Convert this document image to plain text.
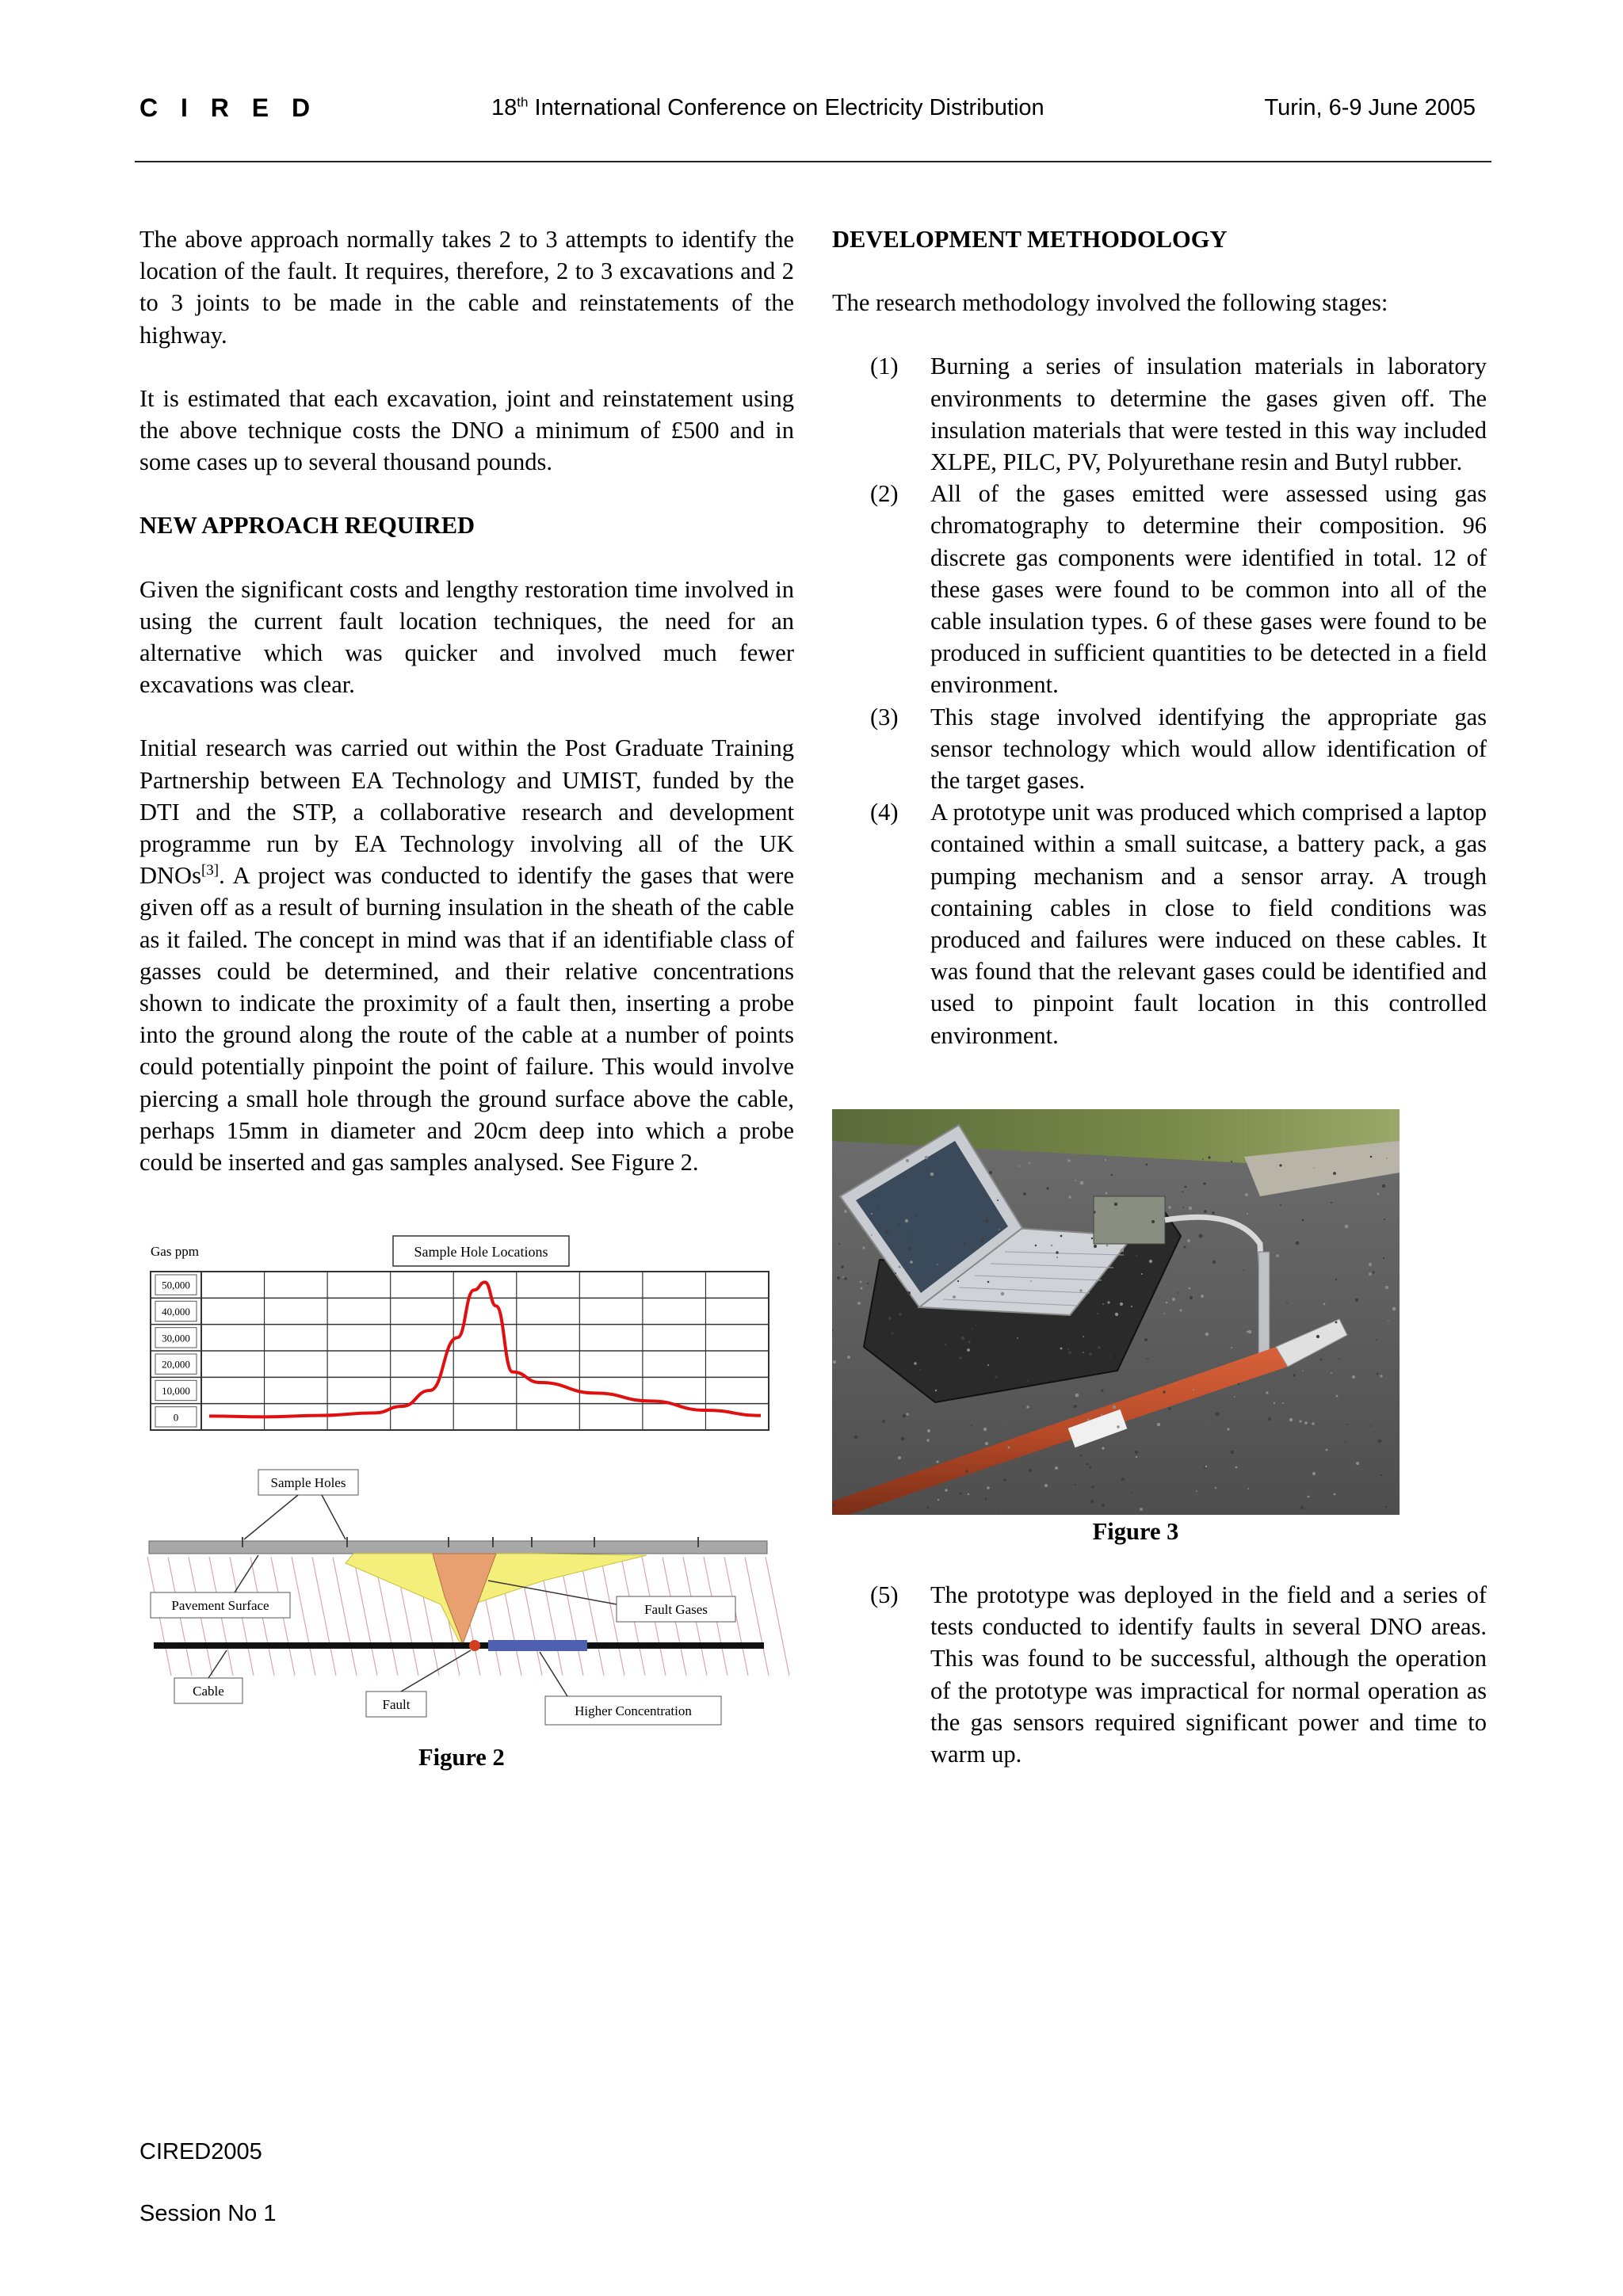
C I R E D	18th International Conference on Electricity Distribution	Turin, 6-9 June 2005

The above approach normally takes 2 to 3 attempts to identify the location of the fault. It requires, therefore, 2 to 3 excavations and 2 to 3 joints to be made in the cable and reinstatements of the highway.

It is estimated that each excavation, joint and reinstatement using the above technique costs the DNO a minimum of £500 and in some cases up to several thousand pounds.

NEW APPROACH REQUIRED

Given the significant costs and lengthy restoration time involved in using the current fault location techniques, the need for an alternative which was quicker and involved much fewer excavations was clear.

Initial research was carried out within the Post Graduate Training Partnership between EA Technology and UMIST, funded by the DTI and the STP, a collaborative research and development programme run by EA Technology involving all of the UK DNOs[3]. A project was conducted to identify the gases that were given off as a result of burning insulation in the sheath of the cable as it failed. The concept in mind was that if an identifiable class of gasses could be determined, and their relative concentrations shown to indicate the proximity of a fault then, inserting a probe into the ground along the route of the cable at a number of points could potentially pinpoint the point of failure. This would involve piercing a small hole through the ground surface above the cable, perhaps 15mm in diameter and 20cm deep into which a probe could be inserted and gas samples analysed. See Figure 2.

Gas ppm	Sample Hole Locations
50,000
40,000
30,000
20,000
10,000
0
Sample Holes
Pavement Surface	Fault Gases
Cable
Fault	Higher Concentration
Figure 2
DEVELOPMENT METHODOLOGY

The research methodology involved the following stages:

(1) Burning a series of insulation materials in laboratory environments to determine the gases given off. The insulation materials that were tested in this way included XLPE, PILC, PV, Polyurethane resin and Butyl rubber.
(2) All of the gases emitted were assessed using gas chromatography to determine their composition. 96 discrete gas components were identified in total. 12 of these gases were found to be common into all of the cable insulation types. 6 of these gases were found to be produced in sufficient quantities to be detected in a field environment.
(3) This stage involved identifying the appropriate gas sensor technology which would allow identification of the target gases.
(4) A prototype unit was produced which comprised a laptop contained within a small suitcase, a battery pack, a gas pumping mechanism and a sensor array. A trough containing cables in close to field conditions was produced and failures were induced on these cables. It was found that the relevant gases could be identified and used to pinpoint fault location in this controlled environment.
Figure 3
(5) The prototype was deployed in the field and a series of tests conducted to identify faults in several DNO areas. This was found to be successful, although the operation of the prototype was impractical for normal operation as the gas sensors required significant power and time to warm up.
CIRED2005
Session No 1
